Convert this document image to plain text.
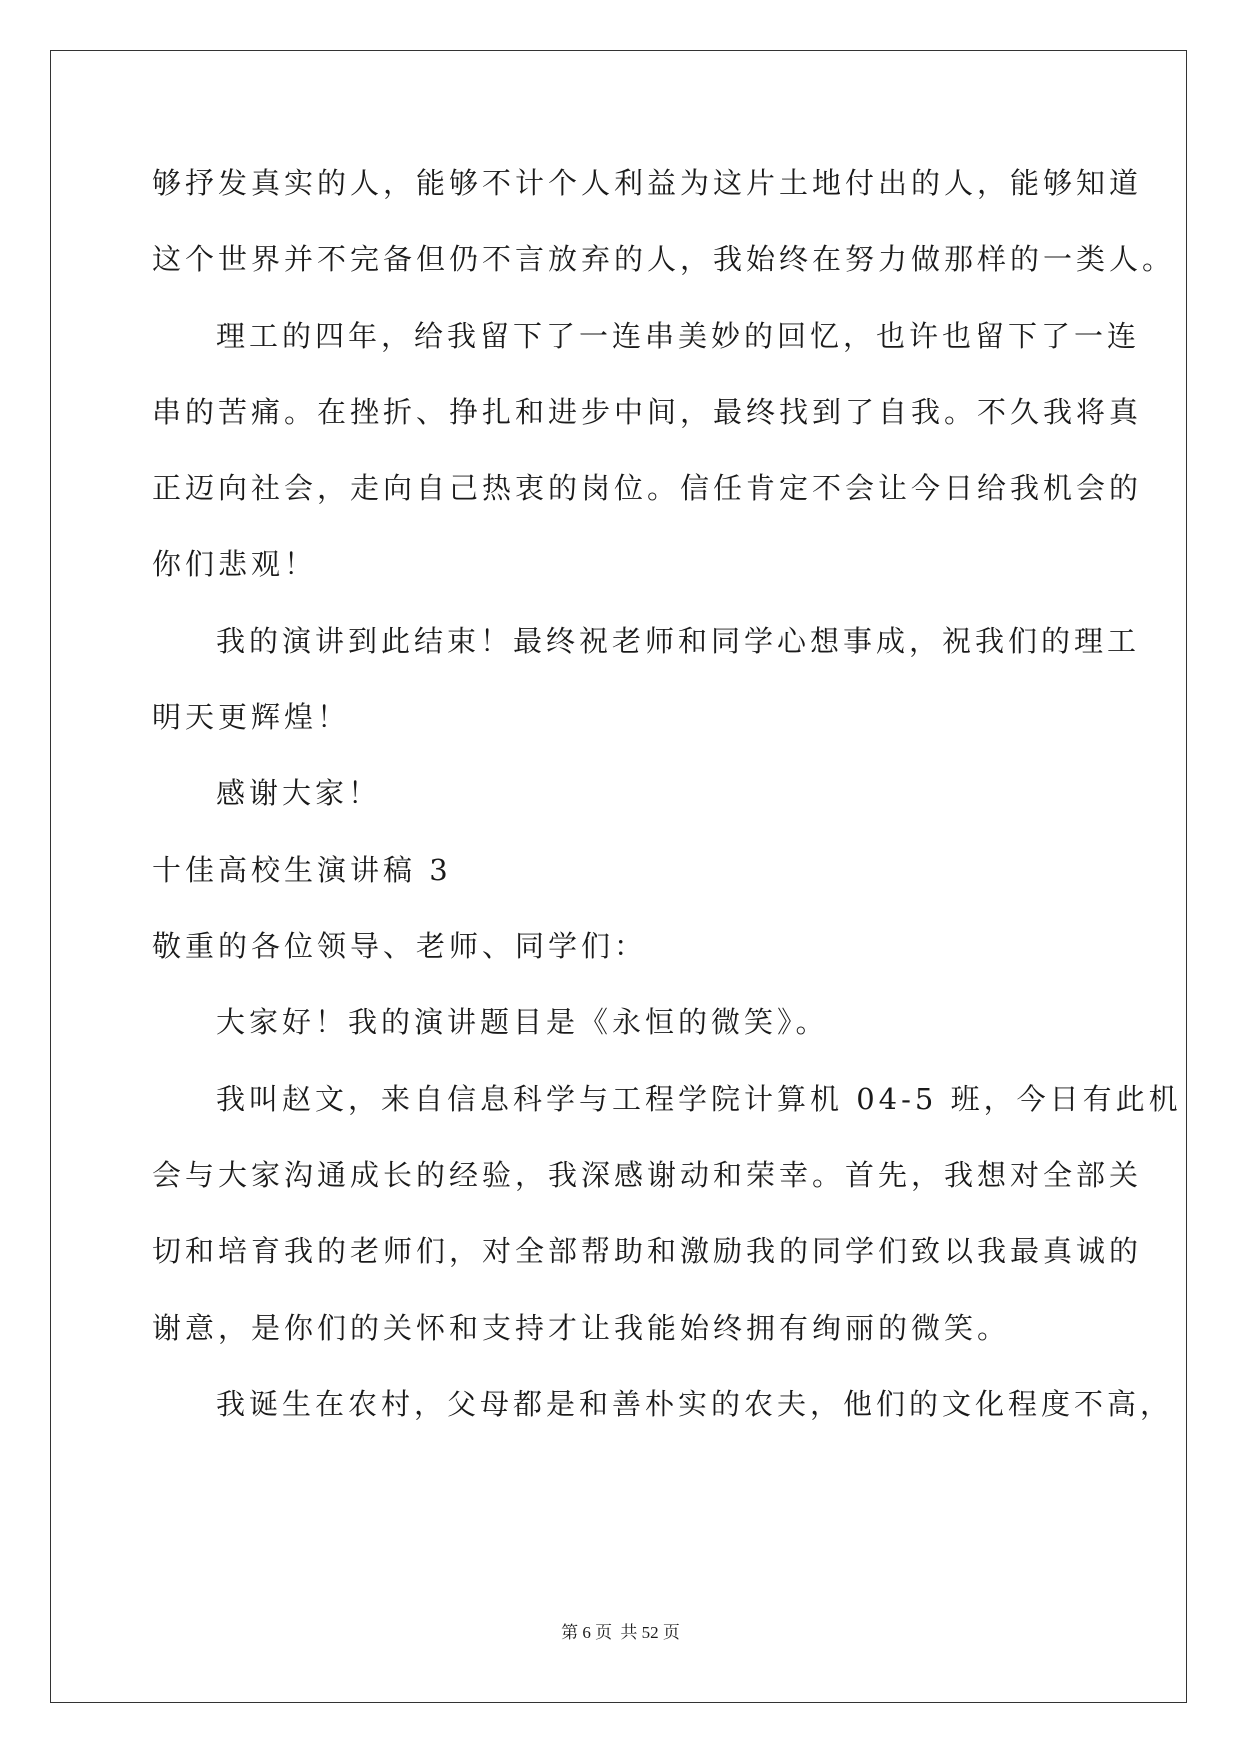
够抒发真实的人，能够不计个人利益为这片土地付出的人，能够知道
这个世界并不完备但仍不言放弃的人，我始终在努力做那样的一类人。
理工的四年，给我留下了一连串美妙的回忆，也许也留下了一连
串的苦痛。在挫折、挣扎和进步中间，最终找到了自我。不久我将真
正迈向社会，走向自己热衷的岗位。信任肯定不会让今日给我机会的
你们悲观！
我的演讲到此结束！最终祝老师和同学心想事成，祝我们的理工
明天更辉煌！
感谢大家！
十佳高校生演讲稿 3
敬重的各位领导、老师、同学们：
大家好！我的演讲题目是《永恒的微笑》。
我叫赵文，来自信息科学与工程学院计算机 04-5 班，今日有此机
会与大家沟通成长的经验，我深感谢动和荣幸。首先，我想对全部关
切和培育我的老师们，对全部帮助和激励我的同学们致以我最真诚的
谢意，是你们的关怀和支持才让我能始终拥有绚丽的微笑。
我诞生在农村，父母都是和善朴实的农夫，他们的文化程度不高，
第 6 页 共 52 页
